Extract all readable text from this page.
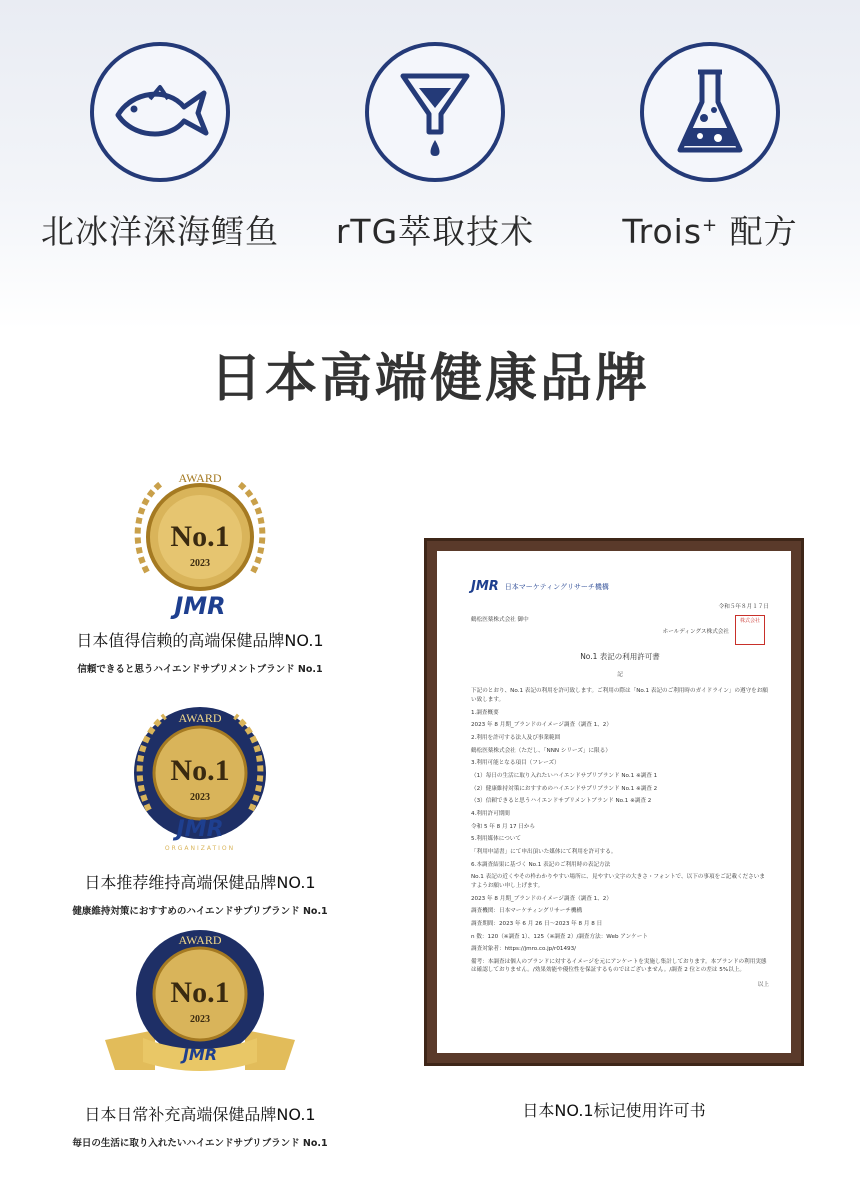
北冰洋深海鳕鱼	rTG萃取技术	Trois+ 配方
日本高端健康品牌
AWARD
No.1
2023
JMR
日本值得信赖的高端保健品牌NO.1
信頼できると思うハイエンドサプリメントブランド No.1
AWARD
No.1
2023
JMR
ORGANIZATION
日本推荐维持高端保健品牌NO.1
健康維持対策におすすめのハイエンドサプリブランド No.1
AWARD
No.1
2023
JMR
日本日常补充高端保健品牌NO.1
毎日の生活に取り入れたいハイエンドサプリブランド No.1
JMR 日本マーケティングリサーチ機構
令和５年８月１７日

鶴松医薬株式会社 御中

ホールディングス株式会社

株式会社
No.1 表記の利用許可書
記

下記のとおり、No.1 表記の利用を許可致します。ご利用の際は「No.1 表記のご利用時のガイドライン」の遵守をお願い致します。

1.調査概要

2023 年 8 月期_ブランドのイメージ調査（調査 1、2）

2.利用を許可する法人及び事業範囲

鶴松医薬株式会社（ただし、「NNN シリーズ」に限る）

3.利用可能となる項目（フレーズ）

（1）毎日の生活に取り入れたいハイエンドサプリブランド No.1 ※調査 1

（2）健康維持対策におすすめのハイエンドサプリブランド No.1 ※調査 2

（3）信頼できると思うハイエンドサプリメントブランド No.1 ※調査 2

4.利用許可期間

令和 5 年 8 月 17 日から

5.利用媒体について

「利用申請書」にて申出頂いた媒体にて利用を許可する。

6.本調査結果に基づく No.1 表記のご利用時の表記方法

No.1 表記の近くやその枠わかりやすい場所に、見やすい文字の大きさ・フォントで、以下の事項をご記載くださいますようお願い申し上げます。

2023 年 8 月期_ブランドのイメージ調査（調査 1、2）

調査機関：日本マーケティングリサーチ機構

調査期間：2023 年 6 月 26 日～2023 年 8 月 8 日

n 数：120（※調査 1）、125（※調査 2）/調査方法：Web アンケート

調査対象者：https://jmro.co.jp/r01493/

備考：本調査は個人のブランドに対するイメージを元にアンケートを実施し集計しております。本ブランドの利用実態は確認しておりません。/効果効能や優位性を保証するものではございません。/調査 2 位との差は 5%以上。

以上
日本NO.1标记使用许可书
